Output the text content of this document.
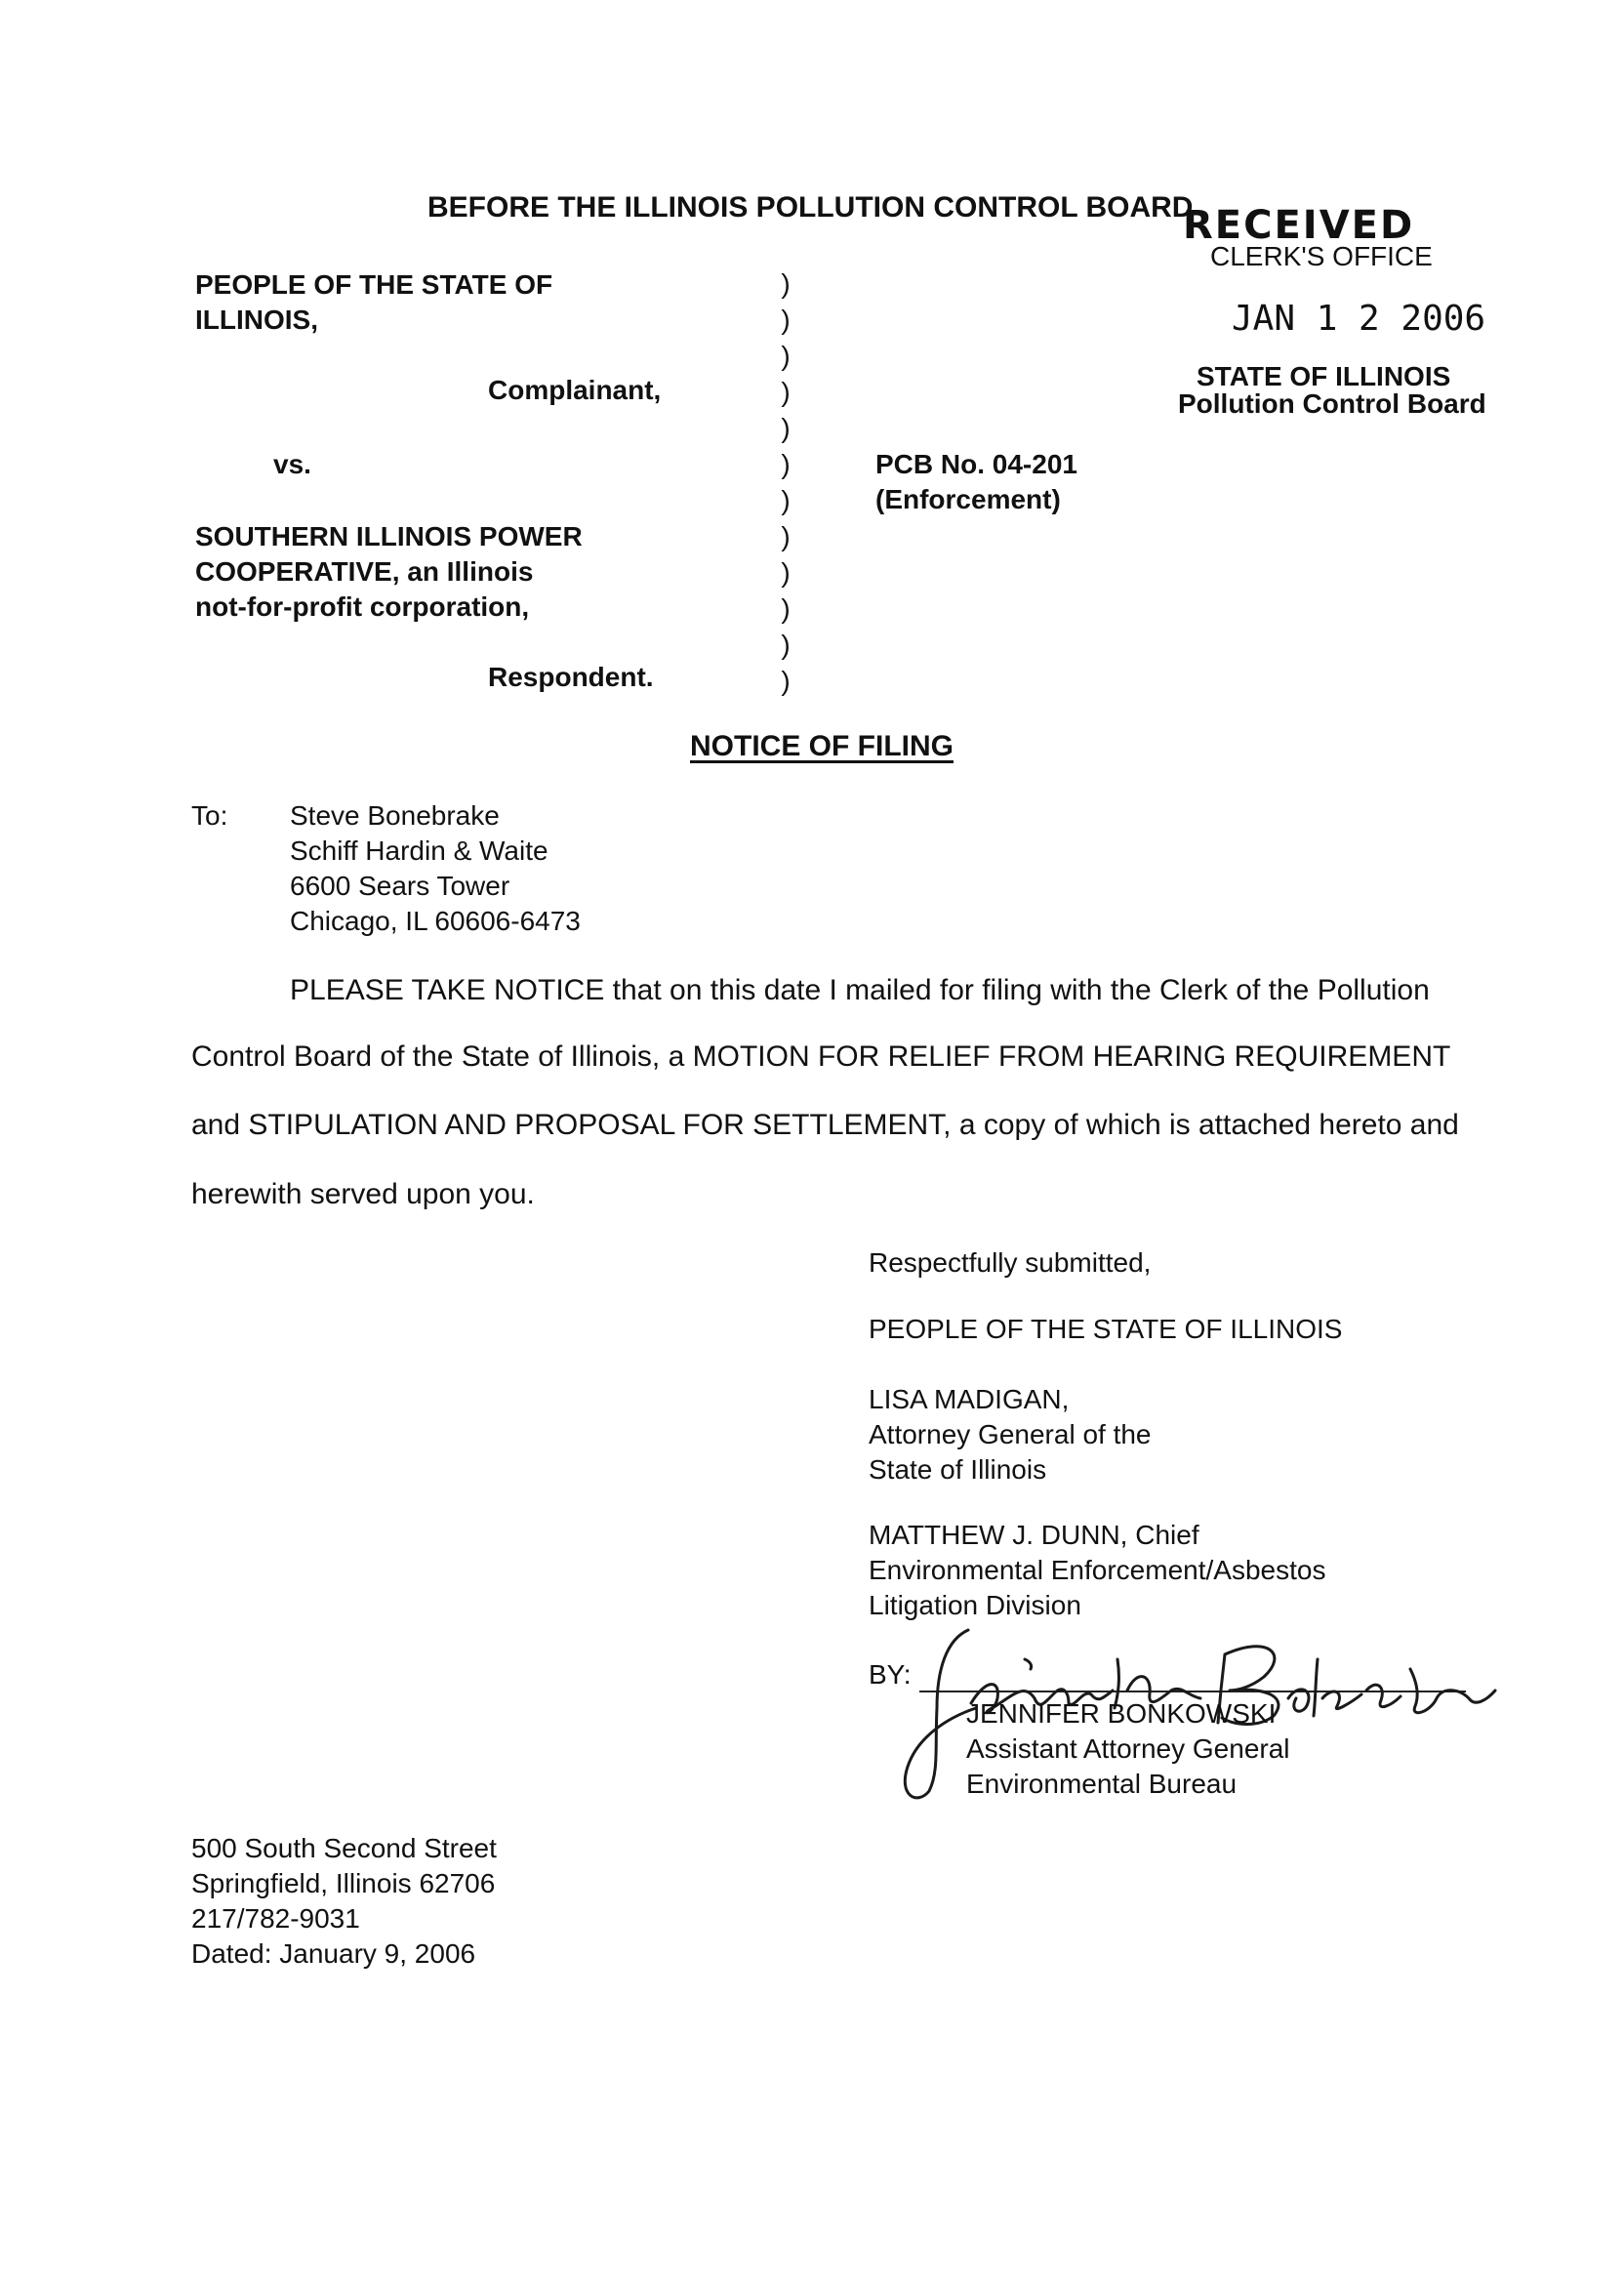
BEFORE THE ILLINOIS POLLUTION CONTROL BOARD
RECEIVED
CLERK'S OFFICE
JAN 1 2 2006
STATE OF ILLINOIS
Pollution Control Board
PEOPLE OF THE STATE OF
ILLINOIS,
Complainant,
vs.
SOUTHERN ILLINOIS POWER
COOPERATIVE, an Illinois
not-for-profit corporation,
Respondent.
)
)
)
)
)
)
)
)
)
)
)
)
PCB No. 04-201
(Enforcement)
NOTICE OF FILING
To: Steve Bonebrake
Schiff Hardin & Waite
6600 Sears Tower
Chicago, IL 60606-6473
PLEASE TAKE NOTICE that on this date I mailed for filing with the Clerk of the Pollution
Control Board of the State of Illinois, a MOTION FOR RELIEF FROM HEARING REQUIREMENT
and STIPULATION AND PROPOSAL FOR SETTLEMENT, a copy of which is attached hereto and
herewith served upon you.
Respectfully submitted,
PEOPLE OF THE STATE OF ILLINOIS
LISA MADIGAN,
Attorney General of the
State of Illinois
MATTHEW J. DUNN, Chief
Environmental Enforcement/Asbestos
Litigation Division
BY:
JENNIFER BONKOWSKI
Assistant Attorney General
Environmental Bureau
500 South Second Street
Springfield, Illinois 62706
217/782-9031
Dated: January 9, 2006
